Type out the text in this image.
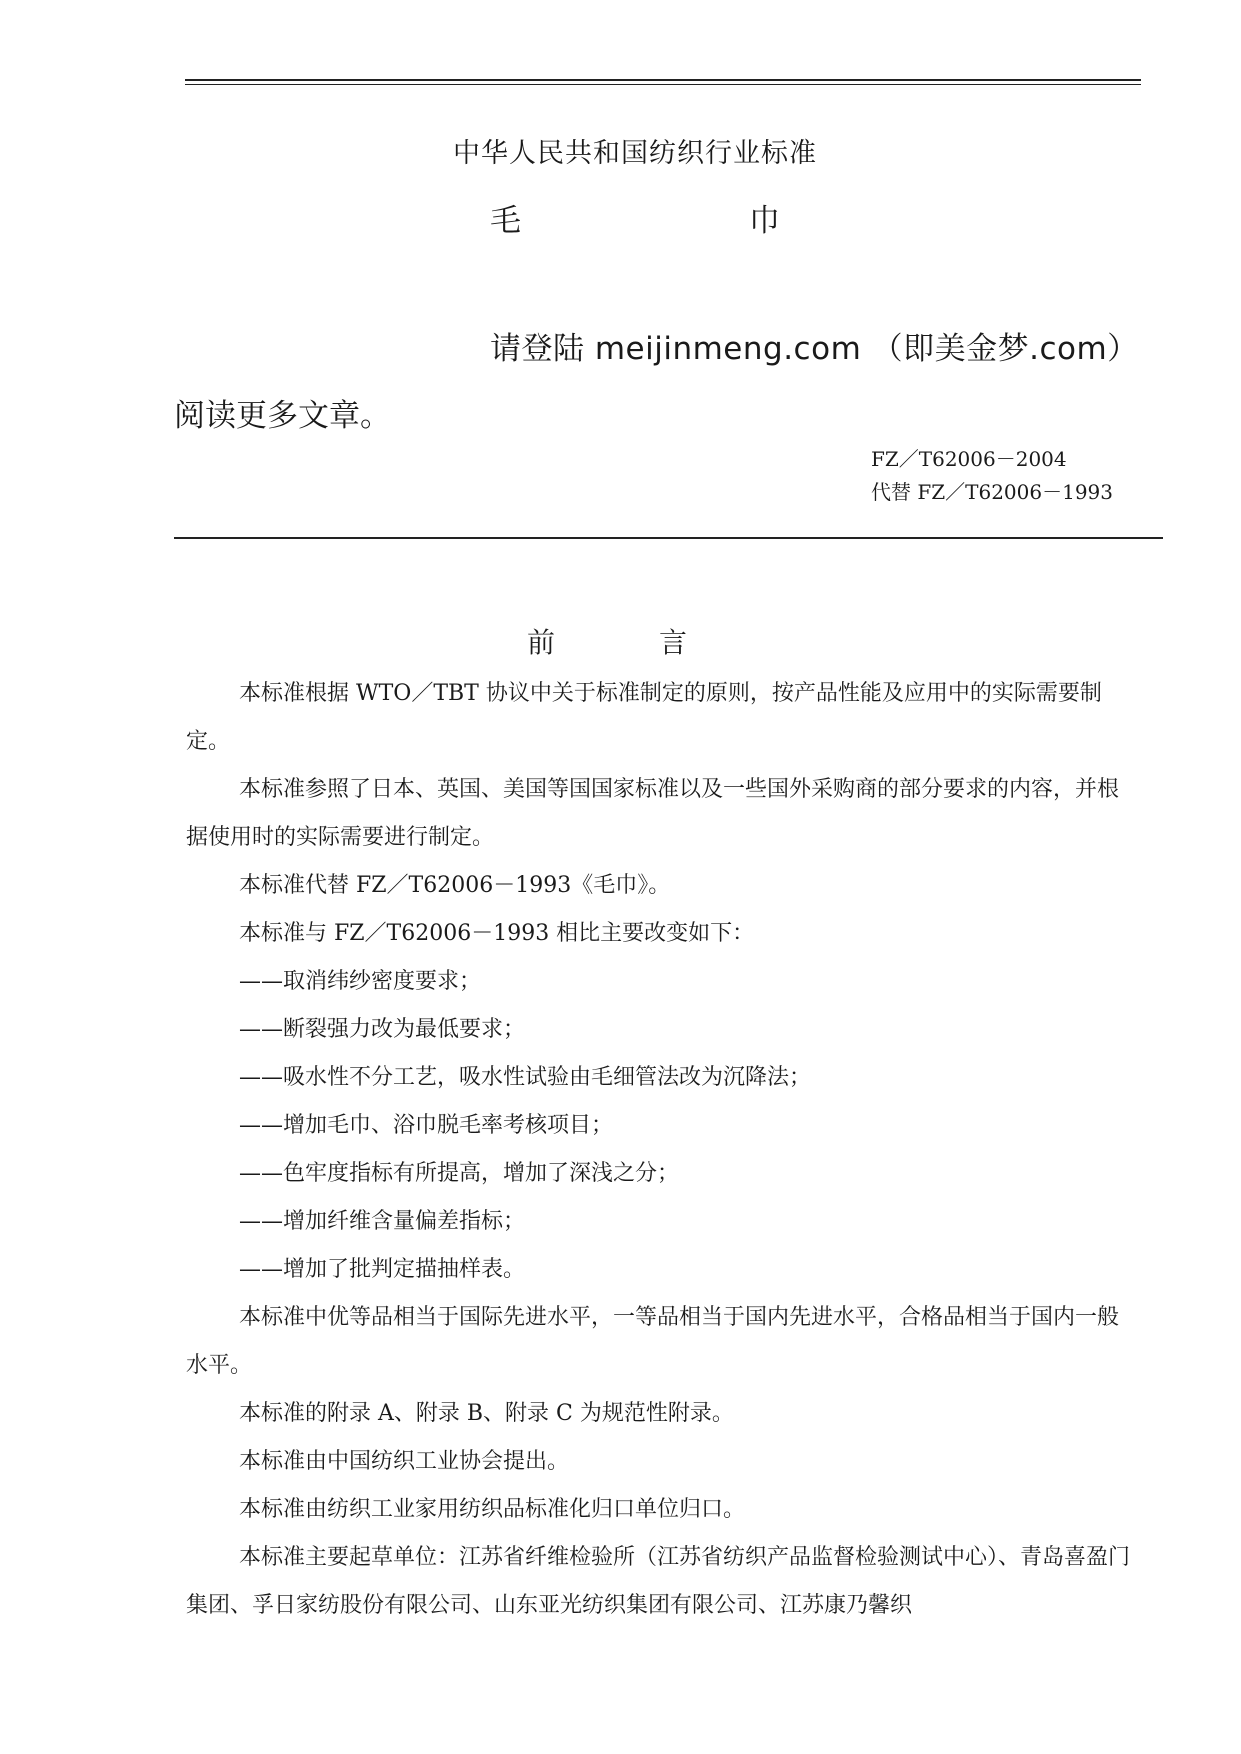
中华人民共和国纺织行业标准
毛	巾
请登陆 meijinmeng.com （即美金梦.com）
阅读更多文章。
FZ／T62006－2004
代替 FZ／T62006－1993
前	言

本标准根据 WTO／TBT 协议中关于标准制定的原则，按产品性能及应用中的实际需要制定。

本标准参照了日本、英国、美国等国国家标准以及一些国外采购商的部分要求的内容，并根据使用时的实际需要进行制定。

本标准代替 FZ／T62006－1993《毛巾》。

本标准与 FZ／T62006－1993 相比主要改变如下：

——取消纬纱密度要求；

——断裂强力改为最低要求；

——吸水性不分工艺，吸水性试验由毛细管法改为沉降法；

——增加毛巾、浴巾脱毛率考核项目；

——色牢度指标有所提高，增加了深浅之分；

——增加纤维含量偏差指标；

——增加了批判定描抽样表。

本标准中优等品相当于国际先进水平，一等品相当于国内先进水平，合格品相当于国内一般水平。

本标准的附录 A、附录 B、附录 C 为规范性附录。

本标准由中国纺织工业协会提出。

本标准由纺织工业家用纺织品标准化归口单位归口。

本标准主要起草单位：江苏省纤维检验所（江苏省纺织产品监督检验测试中心）、青岛喜盈门集团、孚日家纺股份有限公司、山东亚光纺织集团有限公司、江苏康乃馨织
